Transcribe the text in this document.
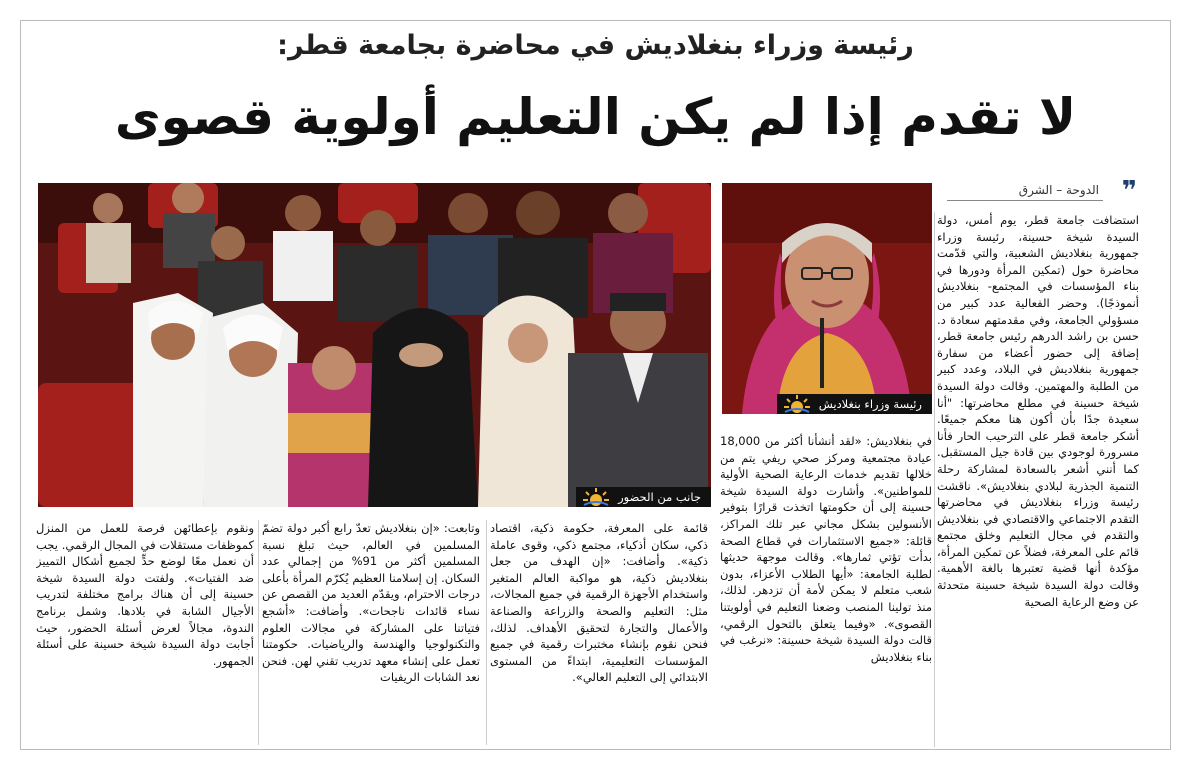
رئيسة وزراء بنغلاديش في محاضرة بجامعة قطر:
لا تقدم إذا لم يكن التعليم أولوية قصوى
جانب من الحضور
رئيسة وزراء بنغلاديش
❞
الدوحة – الشرق

استضافت جامعة قطر، يوم أمس، دولة السيدة شيخة حسينة، رئيسة وزراء جمهورية بنغلاديش الشعبية، والتي قدّمت محاضرة حول (تمكين المرأة ودورها في بناء المؤسسات في المجتمع- بنغلاديش أنموذجًا). وحضر الفعالية عدد كبير من مسؤولي الجامعة، وفي مقدمتهم سعادة د. حسن بن راشد الدرهم رئيس جامعة قطر، إضافة إلى حضور أعضاء من سفارة جمهورية بنغلاديش في البلاد، وعدد كبير من الطلبة والمهتمين. وقالت دولة السيدة شيخة حسينة في مطلع محاضرتها: "أنا سعيدة جدًا بأن أكون هنا معكم جميعًا. أشكر جامعة قطر على الترحيب الحار فأنا مسرورة لوجودي بين قادة جيل المستقبل. كما أنني أشعر بالسعادة لمشاركة رحلة التنمية الجذرية لبلادي بنغلاديش». ناقشت رئيسة وزراء بنغلاديش في محاضرتها التقدم الاجتماعي والاقتصادي في بنغلاديش والتقدم في مجال التعليم وخلق مجتمع قائم على المعرفة، فضلاً عن تمكين المرأة، مؤكدة أنها قضية تعتبرها بالغة الأهمية. وقالت دولة السيدة شيخة حسينة متحدثة عن وضع الرعاية الصحية

في بنغلاديش: «لقد أنشأنا أكثر من 18,000 عيادة مجتمعية ومركز صحي ريفي يتم من خلالها تقديم خدمات الرعاية الصحية الأولية للمواطنين». وأشارت دولة السيدة شيخة حسينة إلى أن حكومتها اتخذت قرارًا بتوفير الأنسولين بشكل مجاني عبر تلك المراكز، قائلة: «جميع الاستثمارات في قطاع الصحة بدأت تؤتي ثمارها». وقالت موجهة حديثها لطلبة الجامعة: «أيها الطلاب الأعزاء، بدون شعب متعلم لا يمكن لأمة أن تزدهر. لذلك، منذ تولينا المنصب وضعنا التعليم في أولويتنا القصوى». «وفيما يتعلق بالتحول الرقمي، قالت دولة السيدة شيخة حسينة: «نرغب في بناء بنغلاديش

قائمة على المعرفة، حكومة ذكية، اقتصاد ذكي، سكان أذكياء، مجتمع ذكي، وقوى عاملة ذكية». وأضافت: «إن الهدف من جعل بنغلاديش ذكية، هو مواكبة العالم المتغير واستخدام الأجهزة الرقمية في جميع المجالات، مثل: التعليم والصحة والزراعة والصناعة والأعمال والتجارة لتحقيق الأهداف. لذلك، فنحن نقوم بإنشاء مختبرات رقمية في جميع المؤسسات التعليمية، ابتداءً من المستوى الابتدائي إلى التعليم العالي».

وتابعت: «إن بنغلاديش تعدّ رابع أكبر دولة تضمّ المسلمين في العالم، حيث تبلغ نسبة المسلمين أكثر من 91% من إجمالي عدد السكان. إن إسلامنا العظيم يُكرّم المرأة بأعلى درجات الاحترام، ويقدّم العديد من القصص عن نساء قائدات ناجحات». وأضافت: «أشجع فتياتنا على المشاركة في مجالات العلوم والتكنولوجيا والهندسة والرياضيات. حكومتنا تعمل على إنشاء معهد تدريب تقني لهن. فنحن نعد الشابات الريفيات

ونقوم بإعطائهن فرصة للعمل من المنزل كموظفات مستقلات في المجال الرقمي. يجب أن نعمل معًا لوضع حدٍّ لجميع أشكال التمييز ضد الفتيات». ولفتت دولة السيدة شيخة حسينة إلى أن هناك برامج مختلفة لتدريب الأجيال الشابة في بلادها. وشمل برنامج الندوة، مجالاً لعرض أسئلة الحضور، حيث أجابت دولة السيدة شيخة حسينة على أسئلة الجمهور.
